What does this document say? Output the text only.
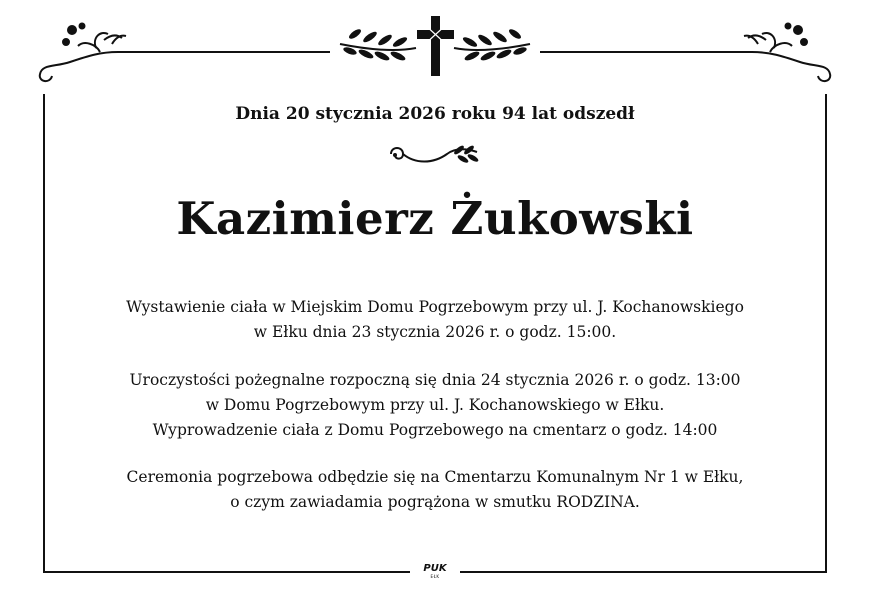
Dnia 20 stycznia 2026 roku 94 lat odszedł
Kazimierz Żukowski
Wystawienie ciała w Miejskim Domu Pogrzebowym przy ul. J. Kochanowskiego
w Ełku dnia 23 stycznia 2026 r. o godz. 15:00.
Uroczystości pożegnalne rozpoczną się dnia 24 stycznia 2026 r. o godz. 13:00
w Domu Pogrzebowym przy ul. J. Kochanowskiego w Ełku.
Wyprowadzenie ciała z Domu Pogrzebowego na cmentarz o godz. 14:00
Ceremonia pogrzebowa odbędzie się na Cmentarzu Komunalnym Nr 1 w Ełku,
o czym zawiadamia pogrążona w smutku RODZINA.
PUK
EŁK
